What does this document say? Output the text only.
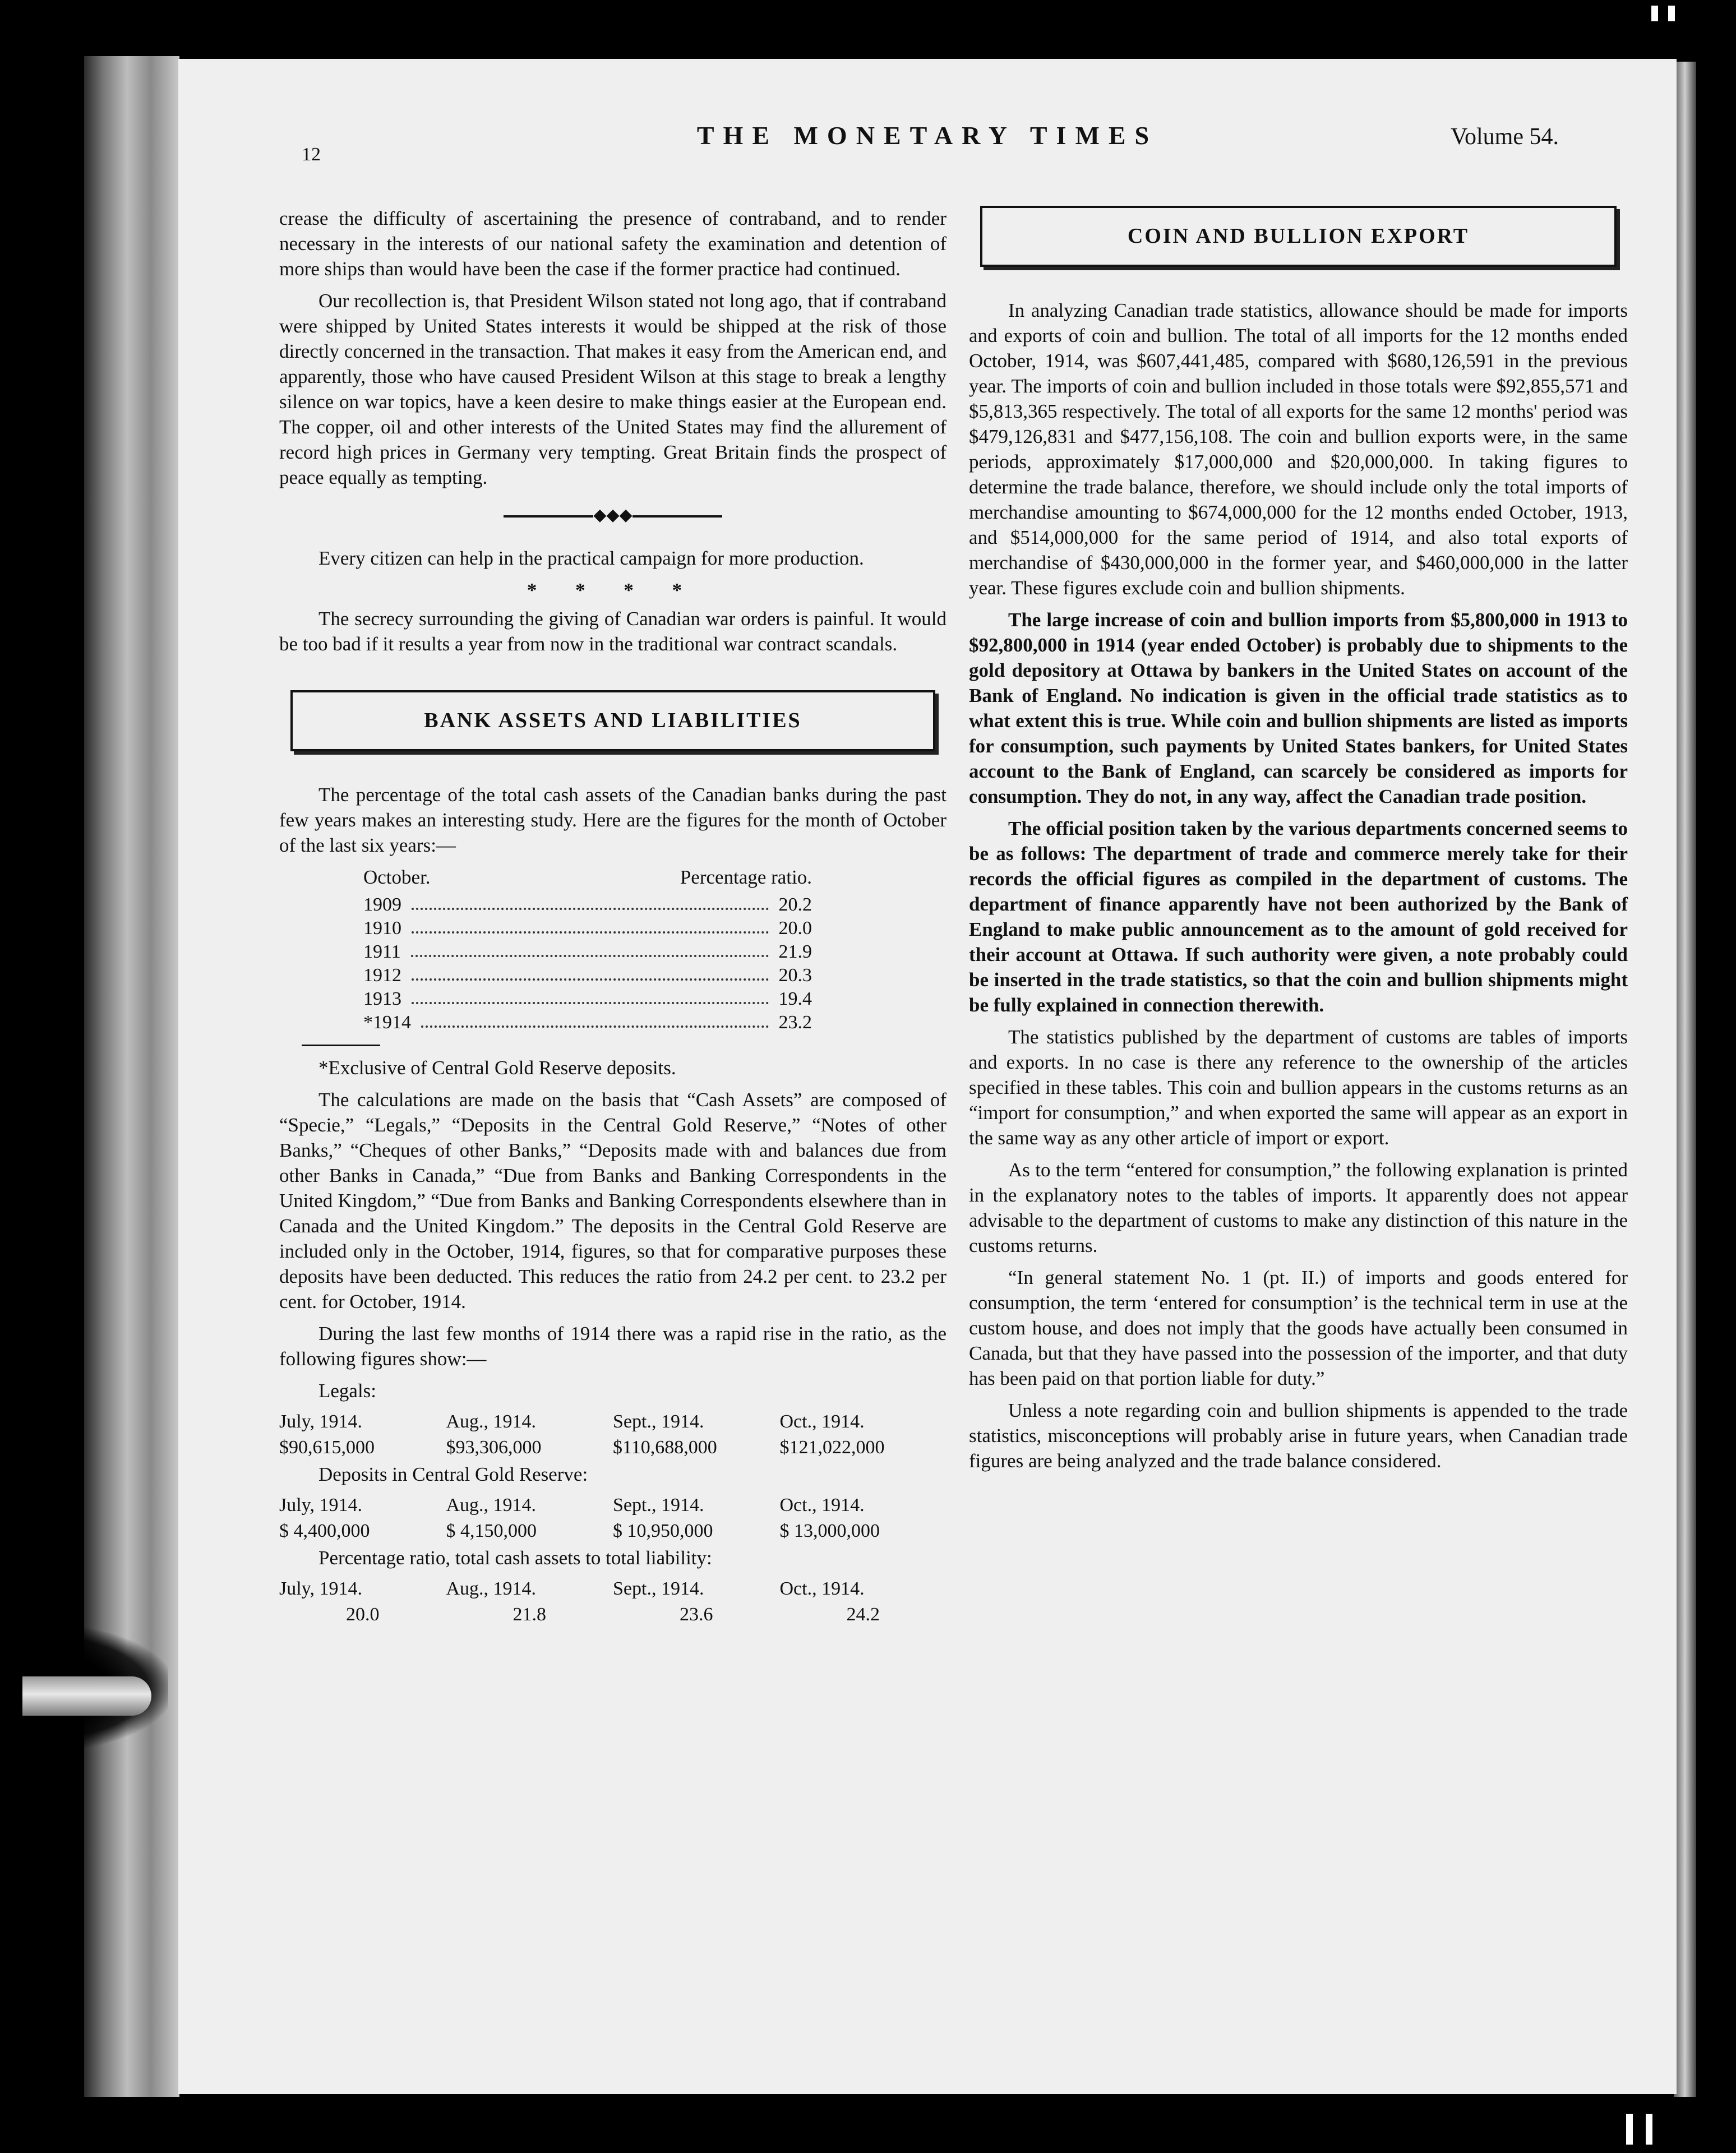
12
THE MONETARY TIMES	Volume 54.

crease the difficulty of ascertaining the presence of contraband, and to render necessary in the interests of our national safety the examination and detention of more ships than would have been the case if the former practice had continued.

Our recollection is, that President Wilson stated not long ago, that if contraband were shipped by United States interests it would be shipped at the risk of those directly concerned in the transaction. That makes it easy from the American end, and apparently, those who have caused President Wilson at this stage to break a lengthy silence on war topics, have a keen desire to make things easier at the European end. The copper, oil and other interests of the United States may find the allurement of record high prices in Germany very tempting. Great Britain finds the prospect of peace equally as tempting.

◆◆◆

Every citizen can help in the practical campaign for more production.

* * * *

The secrecy surrounding the giving of Canadian war orders is painful. It would be too bad if it results a year from now in the traditional war contract scandals.

BANK ASSETS AND LIABILITIES

The percentage of the total cash assets of the Canadian banks during the past few years makes an interesting study. Here are the figures for the month of October of the last six years:—

October.	Percentage ratio.
1909	20.2
1910	20.0
1911	21.9
1912	20.3
1913	19.4
*1914	23.2

*Exclusive of Central Gold Reserve deposits.

The calculations are made on the basis that “Cash Assets” are composed of “Specie,” “Legals,” “Deposits in the Central Gold Reserve,” “Notes of other Banks,” “Cheques of other Banks,” “Deposits made with and balances due from other Banks in Canada,” “Due from Banks and Banking Correspondents in the United Kingdom,” “Due from Banks and Banking Correspondents elsewhere than in Canada and the United Kingdom.” The deposits in the Central Gold Reserve are included only in the October, 1914, figures, so that for comparative purposes these deposits have been deducted. This reduces the ratio from 24.2 per cent. to 23.2 per cent. for October, 1914.

During the last few months of 1914 there was a rapid rise in the ratio, as the following figures show:—

Legals:

July, 1914.	Aug., 1914.	Sept., 1914.	Oct., 1914.
$90,615,000	$93,306,000	$110,688,000	$121,022,000

Deposits in Central Gold Reserve:

July, 1914.	Aug., 1914.	Sept., 1914.	Oct., 1914.
$ 4,400,000	$ 4,150,000	$ 10,950,000	$ 13,000,000

Percentage ratio, total cash assets to total liability:

July, 1914.	Aug., 1914.	Sept., 1914.	Oct., 1914.
20.0	21.8	23.6	24.2
COIN AND BULLION EXPORT

In analyzing Canadian trade statistics, allowance should be made for imports and exports of coin and bullion. The total of all imports for the 12 months ended October, 1914, was $607,441,485, compared with $680,126,591 in the previous year. The imports of coin and bullion included in those totals were $92,855,571 and $5,813,365 respectively. The total of all exports for the same 12 months' period was $479,126,831 and $477,156,108. The coin and bullion exports were, in the same periods, approximately $17,000,000 and $20,000,000. In taking figures to determine the trade balance, therefore, we should include only the total imports of merchandise amounting to $674,000,000 for the 12 months ended October, 1913, and $514,000,000 for the same period of 1914, and also total exports of merchandise of $430,000,000 in the former year, and $460,000,000 in the latter year. These figures exclude coin and bullion shipments.

The large increase of coin and bullion imports from $5,800,000 in 1913 to $92,800,000 in 1914 (year ended October) is probably due to shipments to the gold depository at Ottawa by bankers in the United States on account of the Bank of England. No indication is given in the official trade statistics as to what extent this is true. While coin and bullion shipments are listed as imports for consumption, such payments by United States bankers, for United States account to the Bank of England, can scarcely be considered as imports for consumption. They do not, in any way, affect the Canadian trade position.

The official position taken by the various departments concerned seems to be as follows: The department of trade and commerce merely take for their records the official figures as compiled in the department of customs. The department of finance apparently have not been authorized by the Bank of England to make public announcement as to the amount of gold received for their account at Ottawa. If such authority were given, a note probably could be inserted in the trade statistics, so that the coin and bullion shipments might be fully explained in connection therewith.

The statistics published by the department of customs are tables of imports and exports. In no case is there any reference to the ownership of the articles specified in these tables. This coin and bullion appears in the customs returns as an “import for consumption,” and when exported the same will appear as an export in the same way as any other article of import or export.

As to the term “entered for consumption,” the following explanation is printed in the explanatory notes to the tables of imports. It apparently does not appear advisable to the department of customs to make any distinction of this nature in the customs returns.

“In general statement No. 1 (pt. II.) of imports and goods entered for consumption, the term ‘entered for consumption’ is the technical term in use at the custom house, and does not imply that the goods have actually been consumed in Canada, but that they have passed into the possession of the importer, and that duty has been paid on that portion liable for duty.”

Unless a note regarding coin and bullion shipments is appended to the trade statistics, misconceptions will probably arise in future years, when Canadian trade figures are being analyzed and the trade balance considered.
